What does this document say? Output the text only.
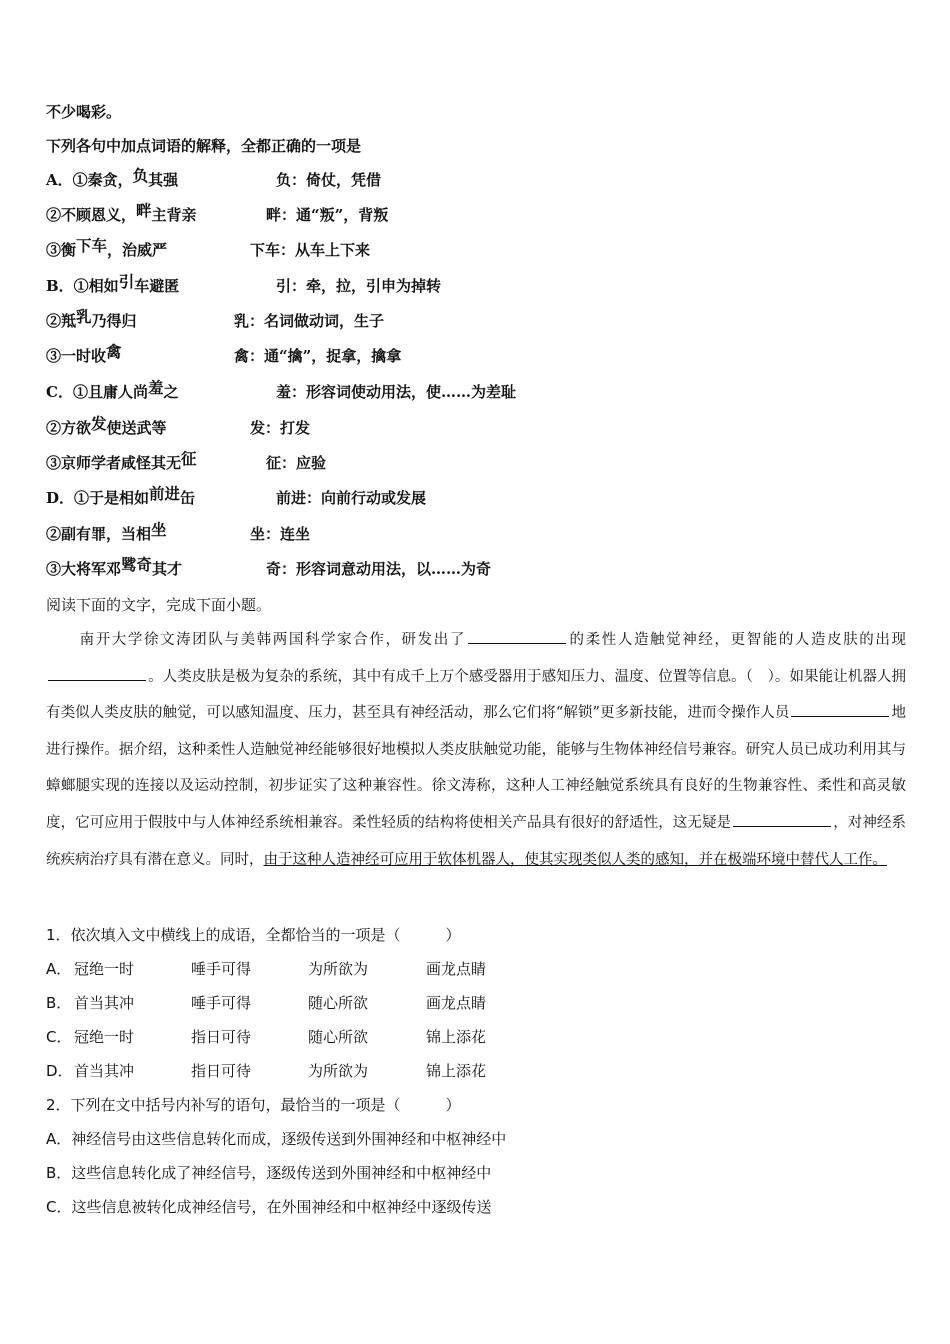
不少喝彩。
下列各句中加点词语的解释，全都正确的一项是
A．①秦贪，负其强	负：倚仗，凭借
②不顾恩义，畔主背亲	畔：通“叛”，背叛
③衡下车，治威严	下车：从车上下来
B．①相如引车避匿	引：牵，拉，引申为掉转
②羝乳乃得归	乳：名词做动词，生子
③一时收禽	禽：通“擒”，捉拿，擒拿
C．①且庸人尚羞之	羞：形容词使动用法，使……为差耻
②方欲发使送武等	发：打发
③京师学者咸怪其无征	征：应验
D．①于是相如前进缶	前进：向前行动或发展
②副有罪，当相坐	坐：连坐
③大将军邓骘奇其才	奇：形容词意动用法，以……为奇
阅读下面的文字，完成下面小题。
南开大学徐文涛团队与美韩两国科学家合作，研发出了	的柔性人造触觉神经，更智能的人造皮肤的出现。人类皮肤是极为复杂的系统，其中有成千上万个感受器用于感知压力、温度、位置等信息。（　）。如果能让机器人拥有类似人类皮肤的触觉，可以感知温度、压力，甚至具有神经活动，那么它们将“解锁”更多新技能，进而令操作人员	地进行操作。据介绍，这种柔性人造触觉神经能够很好地模拟人类皮肤触觉功能，能够与生物体神经信号兼容。研究人员已成功利用其与蟑螂腿实现的连接以及运动控制，初步证实了这种兼容性。徐文涛称，这种人工神经触觉系统具有良好的生物兼容性、柔性和高灵敏度，它可应用于假肢中与人体神经系统相兼容。柔性轻质的结构将使相关产品具有很好的舒适性，这无疑是	，对神经系统疾病治疗具有潜在意义。同时，由于这种人造神经可应用于软体机器人，使其实现类似人类的感知，并在极端环境中替代人工作。
1．依次填入文中横线上的成语，全都恰当的一项是（　　　）
A． 冠绝一时	唾手可得	为所欲为	画龙点睛
B． 首当其冲	唾手可得	随心所欲	画龙点睛
C． 冠绝一时	指日可待	随心所欲	锦上添花
D． 首当其冲	指日可待	为所欲为	锦上添花
2．下列在文中括号内补写的语句，最恰当的一项是（　　　）
A．神经信号由这些信息转化而成，逐级传送到外围神经和中枢神经中
B．这些信息转化成了神经信号，逐级传送到外围神经和中枢神经中
C．这些信息被转化成神经信号，在外围神经和中枢神经中逐级传送
